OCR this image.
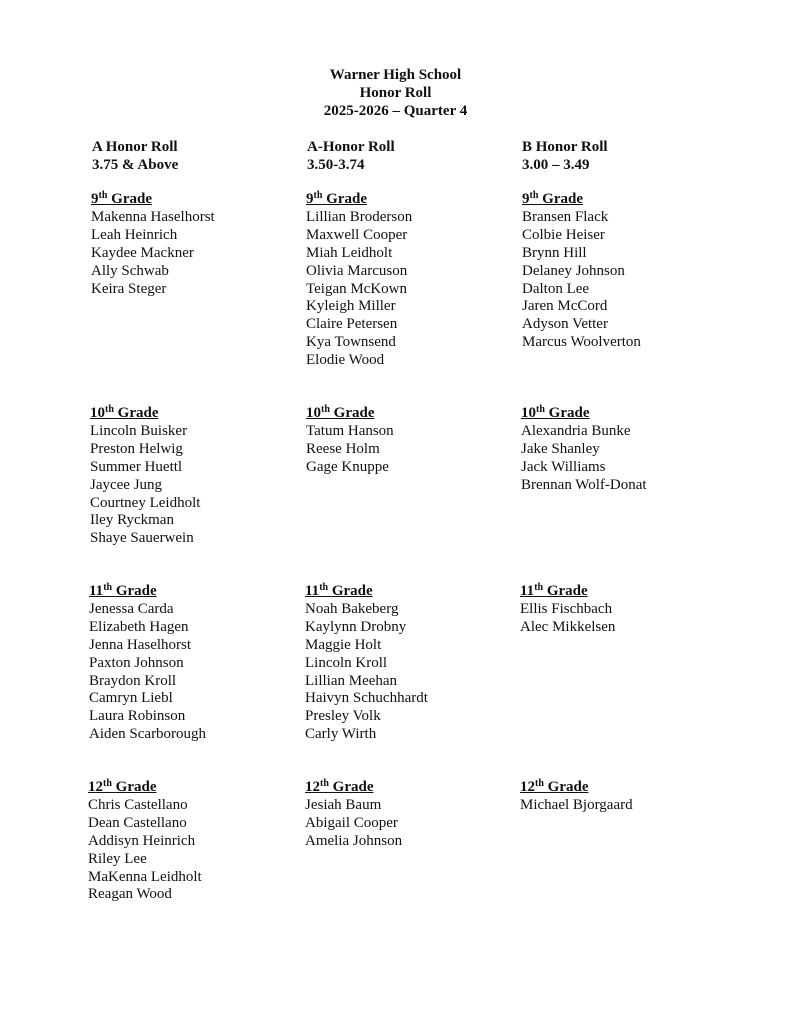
Warner High School
Honor Roll
2025-2026 – Quarter 4
A Honor Roll
3.75 & Above
A-Honor Roll
3.50-3.74
B Honor Roll
3.00 – 3.49
9th Grade
Makenna Haselhorst
Leah Heinrich
Kaydee Mackner
Ally Schwab
Keira Steger
10th Grade
Lincoln Buisker
Preston Helwig
Summer Huettl
Jaycee Jung
Courtney Leidholt
Iley Ryckman
Shaye Sauerwein
11th Grade
Jenessa Carda
Elizabeth Hagen
Jenna Haselhorst
Paxton Johnson
Braydon Kroll
Camryn Liebl
Laura Robinson
Aiden Scarborough
12th Grade
Chris Castellano
Dean Castellano
Addisyn Heinrich
Riley Lee
MaKenna Leidholt
Reagan Wood
9th Grade
Lillian Broderson
Maxwell Cooper
Miah Leidholt
Olivia Marcuson
Teigan McKown
Kyleigh Miller
Claire Petersen
Kya Townsend
Elodie Wood
10th Grade
Tatum Hanson
Reese Holm
Gage Knuppe
11th Grade
Noah Bakeberg
Kaylynn Drobny
Maggie Holt
Lincoln Kroll
Lillian Meehan
Haivyn Schuchhardt
Presley Volk
Carly Wirth
12th Grade
Jesiah Baum
Abigail Cooper
Amelia Johnson
9th Grade
Bransen Flack
Colbie Heiser
Brynn Hill
Delaney Johnson
Dalton Lee
Jaren McCord
Adyson Vetter
Marcus Woolverton
10th Grade
Alexandria Bunke
Jake Shanley
Jack Williams
Brennan Wolf-Donat
11th Grade
Ellis Fischbach
Alec Mikkelsen
12th Grade
Michael Bjorgaard
